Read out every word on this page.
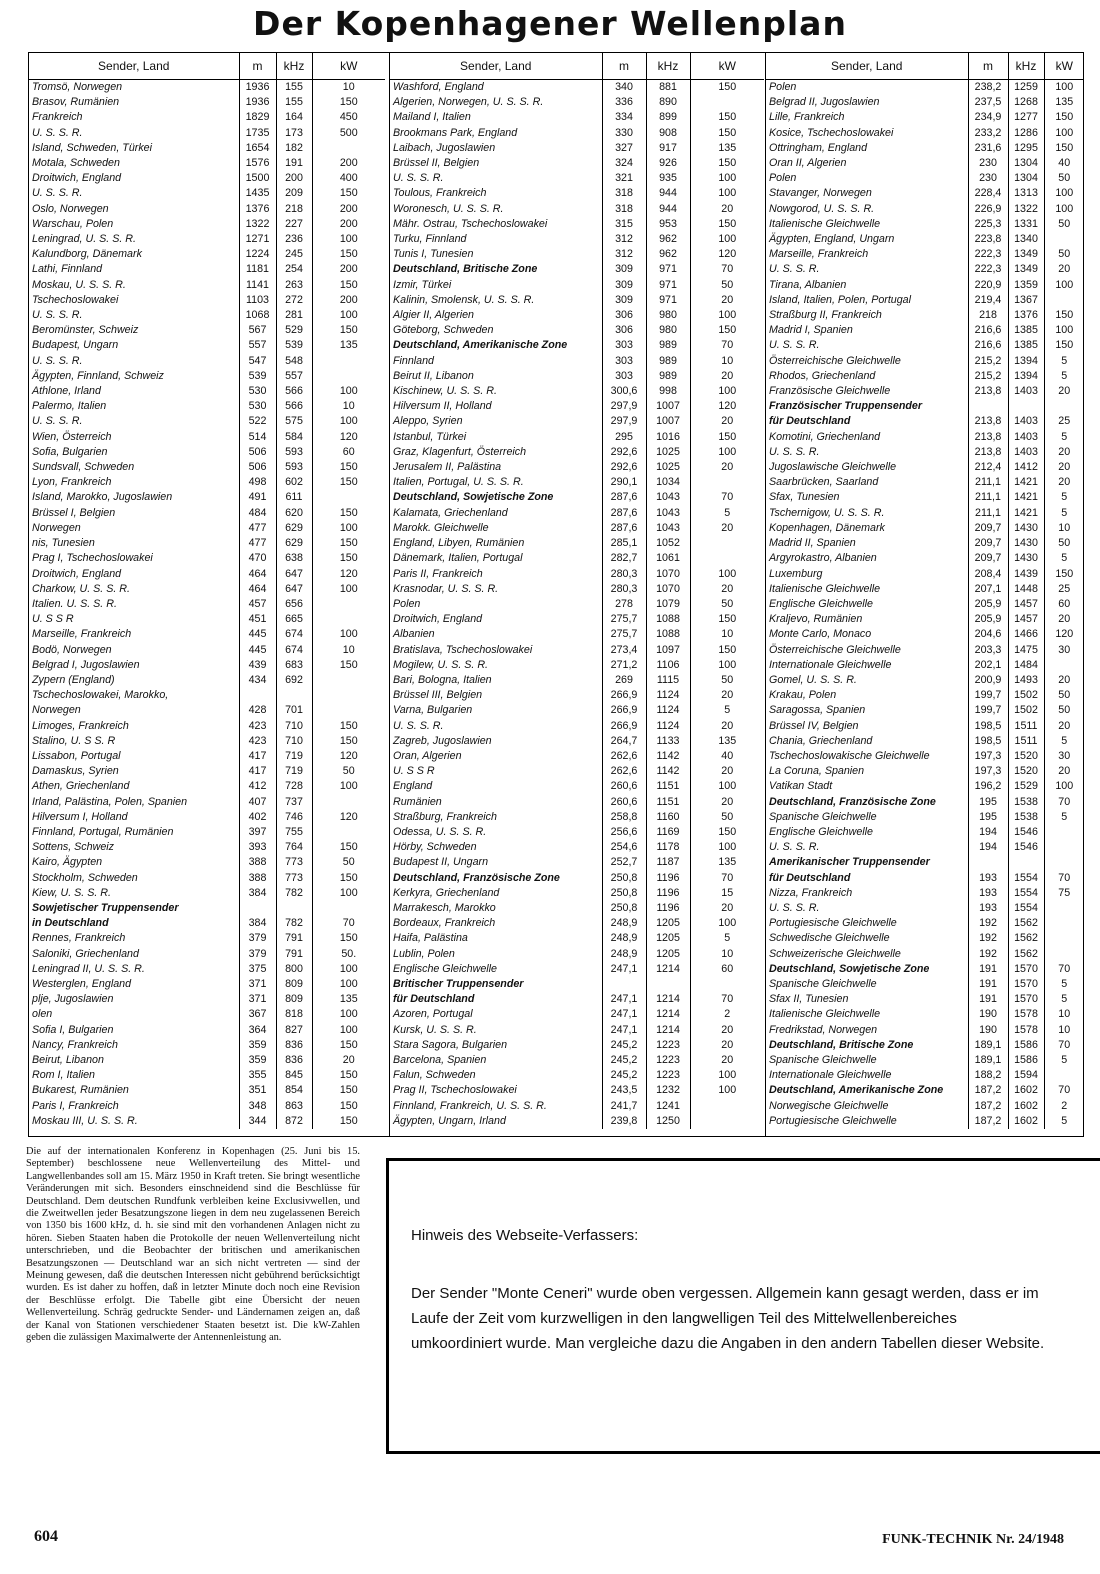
Der Kopenhagener Wellenplan
Sender, Land	m	kHz	kW
Tromsö, Norwegen	1936	155	10
Brasov, Rumänien	1936	155	150
Frankreich	1829	164	450
U. S. S. R.	1735	173	500
Island, Schweden, Türkei	1654	182	
Motala, Schweden	1576	191	200
Droitwich, England	1500	200	400
U. S. S. R.	1435	209	150
Oslo, Norwegen	1376	218	200
Warschau, Polen	1322	227	200
Leningrad, U. S. S. R.	1271	236	100
Kalundborg, Dänemark	1224	245	150
Lathi, Finnland	1181	254	200
Moskau, U. S. S. R.	1141	263	150
Tschechoslowakei	1103	272	200
U. S. S. R.	1068	281	100
Beromünster, Schweiz	567	529	150
Budapest, Ungarn	557	539	135
U. S. S. R.	547	548	
Ägypten, Finnland, Schweiz	539	557	
Athlone, Irland	530	566	100
Palermo, Italien	530	566	10
U. S. S. R.	522	575	100
Wien, Österreich	514	584	120
Sofia, Bulgarien	506	593	60
Sundsvall, Schweden	506	593	150
Lyon, Frankreich	498	602	150
Island, Marokko, Jugoslawien	491	611	
Brüssel I, Belgien	484	620	150
Norwegen	477	629	100
nis, Tunesien	477	629	150
Prag I, Tschechoslowakei	470	638	150
Droitwich, England	464	647	120
Charkow, U. S. S. R.	464	647	100
Italien. U. S. S. R.	457	656	
U. S S R	451	665	
Marseille, Frankreich	445	674	100
Bodö, Norwegen	445	674	10
Belgrad I, Jugoslawien	439	683	150
Zypern (England)	434	692	
Tschechoslowakei, Marokko,			
Norwegen	428	701	
Limoges, Frankreich	423	710	150
Stalino, U. S S. R	423	710	150
Lissabon, Portugal	417	719	120
Damaskus, Syrien	417	719	50
Athen, Griechenland	412	728	100
Irland, Palästina, Polen, Spanien	407	737	
Hilversum I, Holland	402	746	120
Finnland, Portugal, Rumänien	397	755	
Sottens, Schweiz	393	764	150
Kairo, Ägypten	388	773	50
Stockholm, Schweden	388	773	150
Kiew, U. S. S. R.	384	782	100
Sowjetischer Truppensender			
in Deutschland	384	782	70
Rennes, Frankreich	379	791	150
Saloniki, Griechenland	379	791	50.
Leningrad II, U. S. S. R.	375	800	100
Westerglen, England	371	809	100
plje, Jugoslawien	371	809	135
olen	367	818	100
Sofia I, Bulgarien	364	827	100
Nancy, Frankreich	359	836	150
Beirut, Libanon	359	836	20
Rom I, Italien	355	845	150
Bukarest, Rumänien	351	854	150
Paris I, Frankreich	348	863	150
Moskau III, U. S. S. R.	344	872	150
Sender, Land	m	kHz	kW
Washford, England	340	881	150
Algerien, Norwegen, U. S. S. R.	336	890	
Mailand I, Italien	334	899	150
Brookmans Park, England	330	908	150
Laibach, Jugoslawien	327	917	135
Brüssel II, Belgien	324	926	150
U. S. S. R.	321	935	100
Toulous, Frankreich	318	944	100
Woronesch, U. S. S. R.	318	944	20
Mähr. Ostrau, Tschechoslowakei	315	953	150
Turku, Finnland	312	962	100
Tunis I, Tunesien	312	962	120
Deutschland, Britische Zone	309	971	70
Izmir, Türkei	309	971	50
Kalinin, Smolensk, U. S. S. R.	309	971	20
Algier II, Algerien	306	980	100
Göteborg, Schweden	306	980	150
Deutschland, Amerikanische Zone	303	989	70
Finnland	303	989	10
Beirut II, Libanon	303	989	20
Kischinew, U. S. S. R.	300,6	998	100
Hilversum II, Holland	297,9	1007	120
Aleppo, Syrien	297,9	1007	20
Istanbul, Türkei	295	1016	150
Graz, Klagenfurt, Österreich	292,6	1025	100
Jerusalem II, Palästina	292,6	1025	20
Italien, Portugal, U. S. S. R.	290,1	1034	
Deutschland, Sowjetische Zone	287,6	1043	70
Kalamata, Griechenland	287,6	1043	5
Marokk. Gleichwelle	287,6	1043	20
England, Libyen, Rumänien	285,1	1052	
Dänemark, Italien, Portugal	282,7	1061	
Paris II, Frankreich	280,3	1070	100
Krasnodar, U. S. S. R.	280,3	1070	20
Polen	278	1079	50
Droitwich, England	275,7	1088	150
Albanien	275,7	1088	10
Bratislava, Tschechoslowakei	273,4	1097	150
Mogilew, U. S. S. R.	271,2	1106	100
Bari, Bologna, Italien	269	1115	50
Brüssel III, Belgien	266,9	1124	20
Varna, Bulgarien	266,9	1124	5
U. S. S. R.	266,9	1124	20
Zagreb, Jugoslawien	264,7	1133	135
Oran, Algerien	262,6	1142	40
U. S S R	262,6	1142	20
England	260,6	1151	100
Rumänien	260,6	1151	20
Straßburg, Frankreich	258,8	1160	50
Odessa, U. S. S. R.	256,6	1169	150
Hörby, Schweden	254,6	1178	100
Budapest II, Ungarn	252,7	1187	135
Deutschland, Französische Zone	250,8	1196	70
Kerkyra, Griechenland	250,8	1196	15
Marrakesch, Marokko	250,8	1196	20
Bordeaux, Frankreich	248,9	1205	100
Haifa, Palästina	248,9	1205	5
Lublin, Polen	248,9	1205	10
Englische Gleichwelle	247,1	1214	60
Britischer Truppensender			
für Deutschland	247,1	1214	70
Azoren, Portugal	247,1	1214	2
Kursk, U. S. S. R.	247,1	1214	20
Stara Sagora, Bulgarien	245,2	1223	20
Barcelona, Spanien	245,2	1223	20
Falun, Schweden	245,2	1223	100
Prag II, Tschechoslowakei	243,5	1232	100
Finnland, Frankreich, U. S. S. R.	241,7	1241	
Ägypten, Ungarn, Irland	239,8	1250	
Sender, Land	m	kHz	kW
Polen	238,2	1259	100
Belgrad II, Jugoslawien	237,5	1268	135
Lille, Frankreich	234,9	1277	150
Kosice, Tschechoslowakei	233,2	1286	100
Ottringham, England	231,6	1295	150
Oran II, Algerien	230	1304	40
Polen	230	1304	50
Stavanger, Norwegen	228,4	1313	100
Nowgorod, U. S. S. R.	226,9	1322	100
Italienische Gleichwelle	225,3	1331	50
Ägypten, England, Ungarn	223,8	1340	
Marseille, Frankreich	222,3	1349	50
U. S. S. R.	222,3	1349	20
Tirana, Albanien	220,9	1359	100
Island, Italien, Polen, Portugal	219,4	1367	
Straßburg II, Frankreich	218	1376	150
Madrid I, Spanien	216,6	1385	100
U. S. S. R.	216,6	1385	150
Österreichische Gleichwelle	215,2	1394	5
Rhodos, Griechenland	215,2	1394	5
Französische Gleichwelle	213,8	1403	20
Französischer Truppensender			
für Deutschland	213,8	1403	25
Komotini, Griechenland	213,8	1403	5
U. S. S. R.	213,8	1403	20
Jugoslawische Gleichwelle	212,4	1412	20
Saarbrücken, Saarland	211,1	1421	20
Sfax, Tunesien	211,1	1421	5
Tschernigow, U. S. S. R.	211,1	1421	5
Kopenhagen, Dänemark	209,7	1430	10
Madrid II, Spanien	209,7	1430	50
Argyrokastro, Albanien	209,7	1430	5
Luxemburg	208,4	1439	150
Italienische Gleichwelle	207,1	1448	25
Englische Gleichwelle	205,9	1457	60
Kraljevo, Rumänien	205,9	1457	20
Monte Carlo, Monaco	204,6	1466	120
Österreichische Gleichwelle	203,3	1475	30
Internationale Gleichwelle	202,1	1484	
Gomel, U. S. S. R.	200,9	1493	20
Krakau, Polen	199,7	1502	50
Saragossa, Spanien	199,7	1502	50
Brüssel IV, Belgien	198,5	1511	20
Chania, Griechenland	198,5	1511	5
Tschechoslowakische Gleichwelle	197,3	1520	30
La Coruna, Spanien	197,3	1520	20
Vatikan Stadt	196,2	1529	100
Deutschland, Französische Zone	195	1538	70
Spanische Gleichwelle	195	1538	5
Englische Gleichwelle	194	1546	
U. S. S. R.	194	1546	
Amerikanischer Truppensender			
für Deutschland	193	1554	70
Nizza, Frankreich	193	1554	75
U. S. S. R.	193	1554	
Portugiesische Gleichwelle	192	1562	
Schwedische Gleichwelle	192	1562	
Schweizerische Gleichwelle	192	1562	
Deutschland, Sowjetische Zone	191	1570	70
Spanische Gleichwelle	191	1570	5
Sfax II, Tunesien	191	1570	5
Italienische Gleichwelle	190	1578	10
Fredrikstad, Norwegen	190	1578	10
Deutschland, Britische Zone	189,1	1586	70
Spanische Gleichwelle	189,1	1586	5
Internationale Gleichwelle	188,2	1594	
Deutschland, Amerikanische Zone	187,2	1602	70
Norwegische Gleichwelle	187,2	1602	2
Portugiesische Gleichwelle	187,2	1602	5
Die auf der internationalen Konferenz in Kopenhagen (25. Juni bis 15. September) beschlossene neue Wellenverteilung des Mittel- und Langwellenbandes soll am 15. März 1950 in Kraft treten. Sie bringt wesentliche Veränderungen mit sich. Besonders einschneidend sind die Beschlüsse für Deutschland. Dem deutschen Rundfunk verbleiben keine Exclusivwellen, und die Zweitwellen jeder Besatzungszone liegen in dem neu zugelassenen Bereich von 1350 bis 1600 kHz, d. h. sie sind mit den vorhandenen Anlagen nicht zu hören. Sieben Staaten haben die Protokolle der neuen Wellenverteilung nicht unterschrieben, und die Beobachter der britischen und amerikanischen Besatzungszonen — Deutschland war an sich nicht vertreten — sind der Meinung gewesen, daß die deutschen Interessen nicht gebührend berücksichtigt wurden. Es ist daher zu hoffen, daß in letzter Minute doch noch eine Revision der Beschlüsse erfolgt. Die Tabelle gibt eine Übersicht der neuen Wellenverteilung. Schräg gedruckte Sender- und Ländernamen zeigen an, daß der Kanal von Stationen verschiedener Staaten besetzt ist. Die kW-Zahlen geben die zulässigen Maximalwerte der Antennenleistung an.
Hinweis des Webseite-Verfassers:
Der Sender "Monte Ceneri" wurde oben vergessen. Allgemein kann gesagt werden, dass er im Laufe der Zeit vom kurzwelligen in den langwelligen Teil des Mittelwellenbereiches umkoordiniert wurde. Man vergleiche dazu die Angaben in den andern Tabellen dieser Website.
604	FUNK-TECHNIK Nr. 24/1948
